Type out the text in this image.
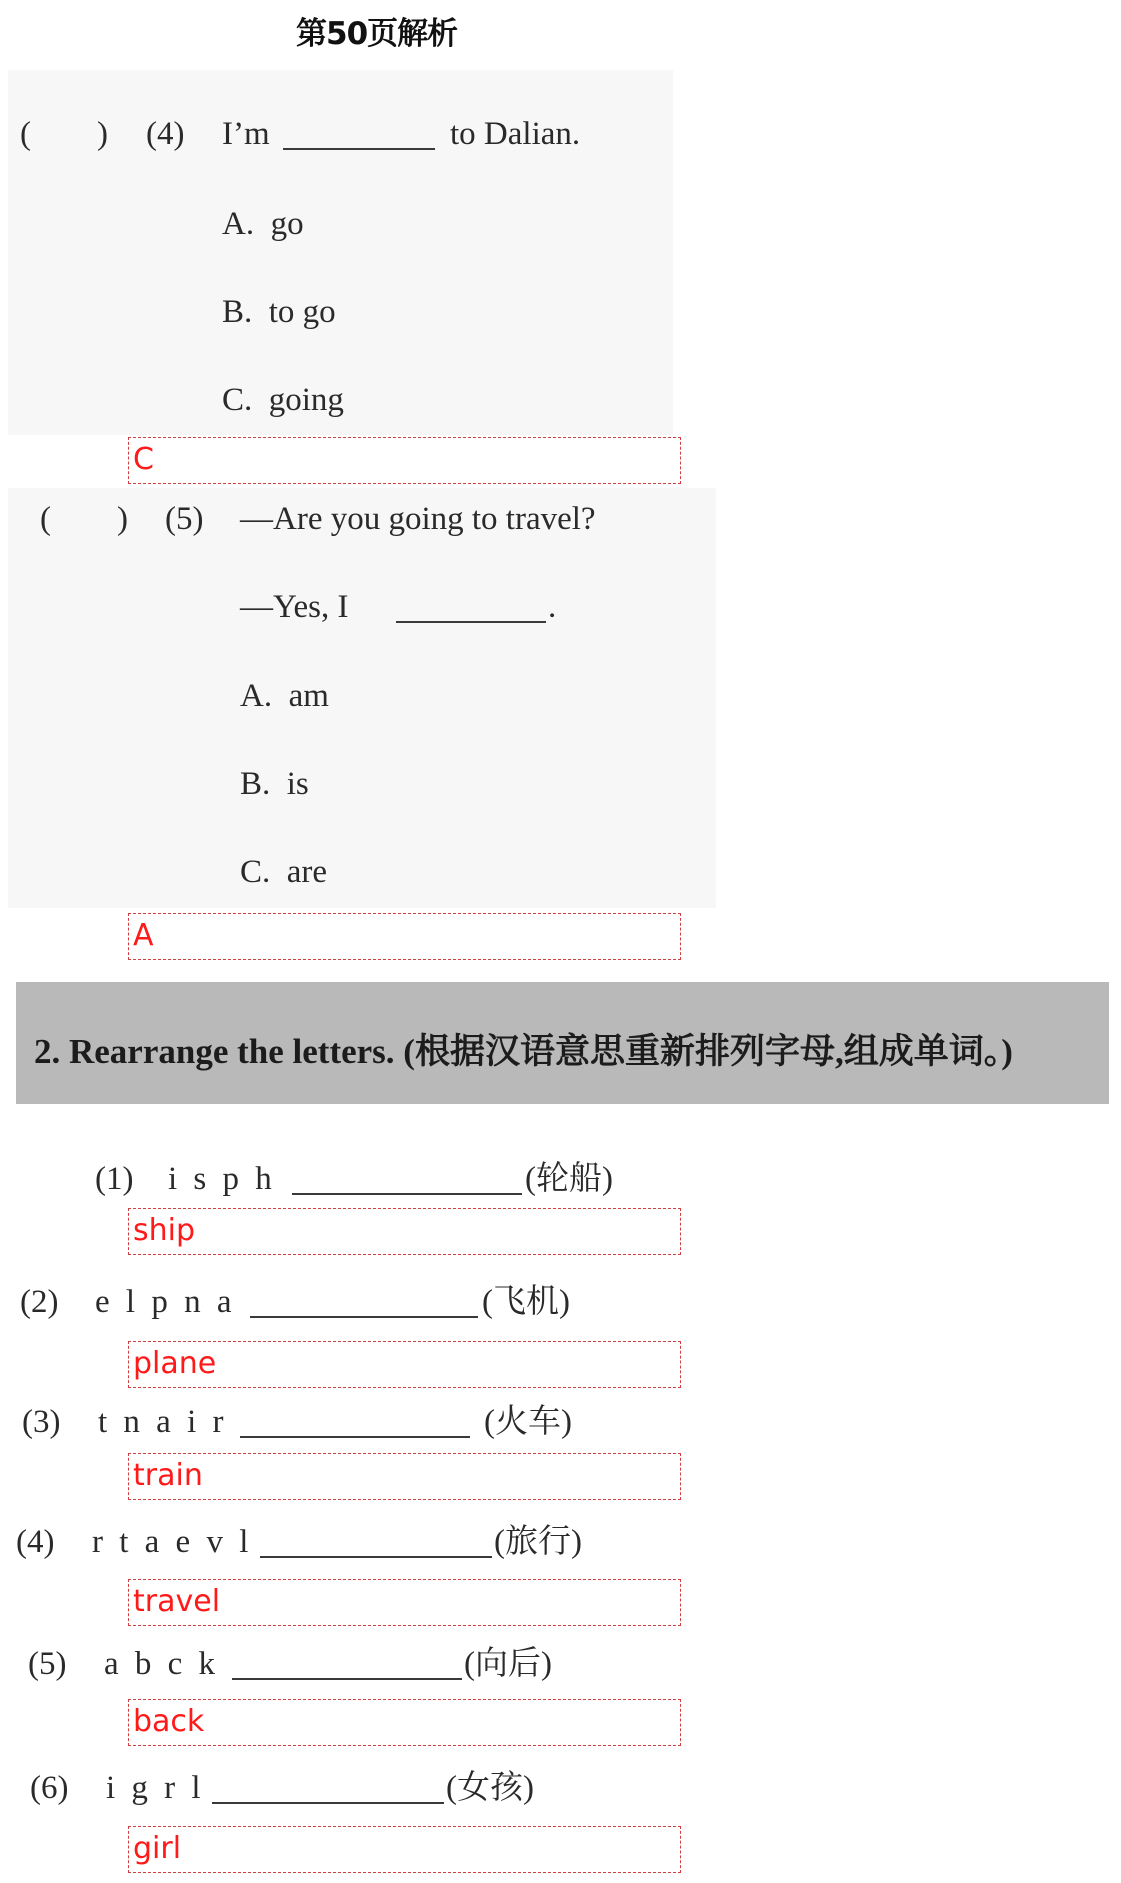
第50页解析
(        ) (4) I’m	to Dalian.
A.  go
B.  to go
C.  going
C
(        ) (5) —Are you going to travel?
—Yes, I	.
A.  am
B.  is
C.  are
A
2. Rearrange the letters. (根据汉语意思重新排列字母,组成单词。)
(1) i s p h	(轮船)
ship
(2) e l p n a	(飞机)
plane
(3) t n a i r	(火车)
train
(4) r t a e v l	(旅行)
travel
(5) a b c k	(向后)
back
(6) i g r l	(女孩)
girl
